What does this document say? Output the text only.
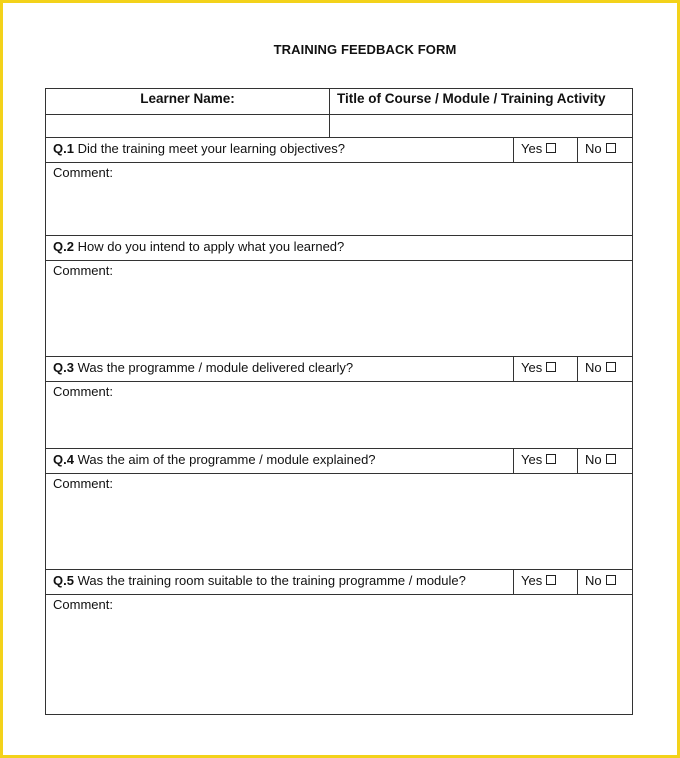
TRAINING FEEDBACK FORM
Learner Name:	Title of Course / Module / Training Activity		

Q.1 Did the training meet your learning objectives?		Yes	No
Comment:			
Q.2 How do you intend to apply what you learned?			
Comment:			
Q.3 Was the programme / module delivered clearly?		Yes	No
Comment:			
Q.4 Was the aim of the programme / module explained?		Yes	No
Comment:			
Q.5 Was the training room suitable to the training programme / module?		Yes	No
Comment:			
